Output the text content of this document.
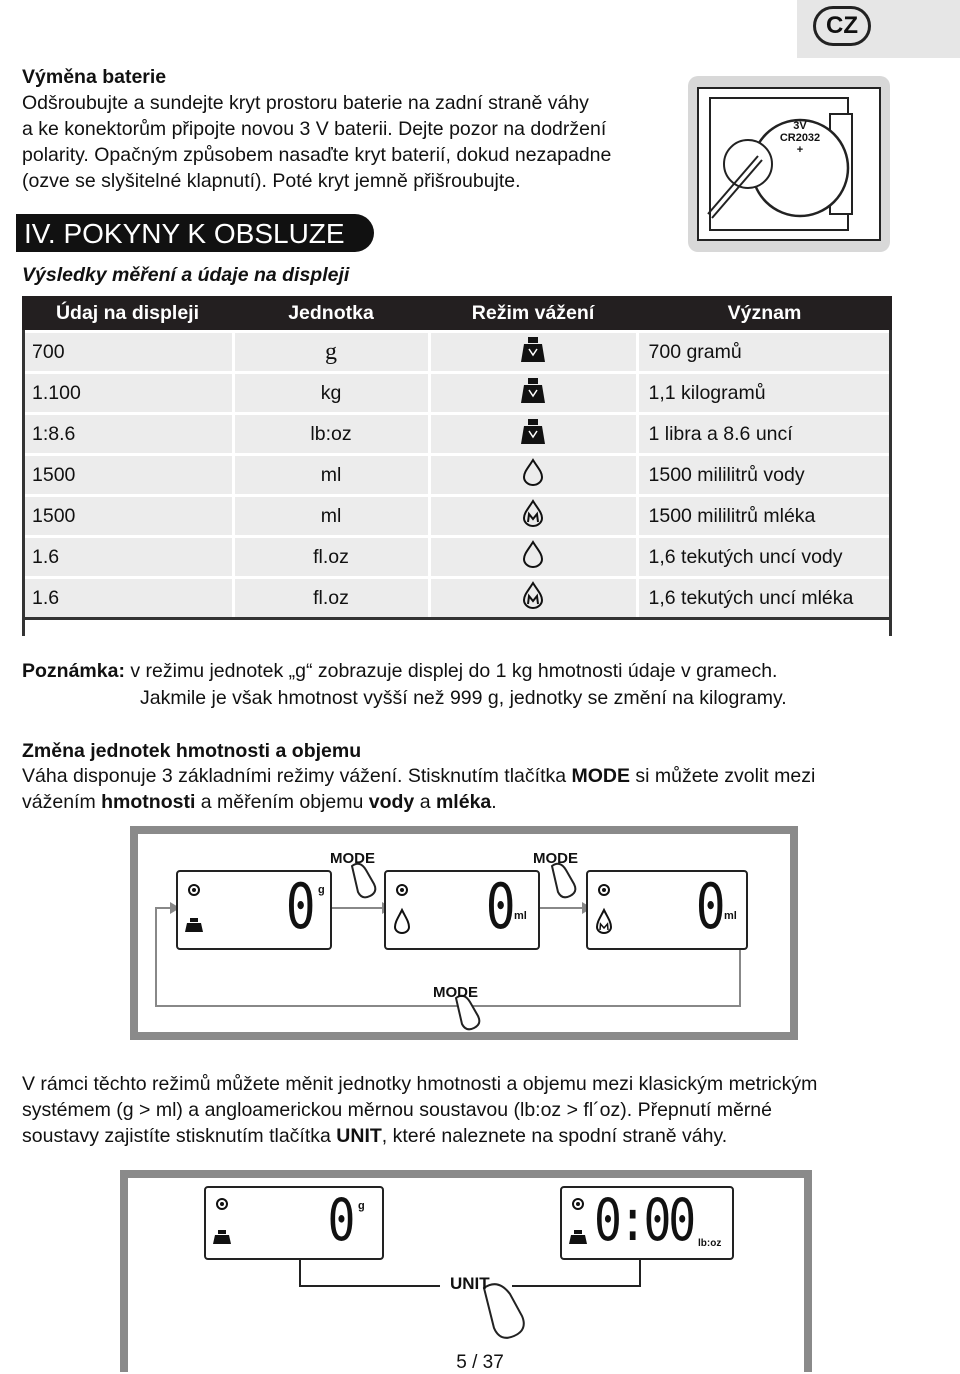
CZ
Výměna baterie
Odšroubujte a sundejte kryt prostoru baterie na zadní straně váhy
a ke konektorům připojte novou 3 V baterii. Dejte pozor na dodržení
polarity. Opačným způsobem nasaďte kryt baterií, dokud nezapadne
(ozve se slyšitelné klapnutí). Poté kryt jemně přišroubujte.
3V
CR2032
+
IV. POKYNY K OBSLUZE
Výsledky měření a údaje na displeji
Údaj na displeji	Jednotka	Režim vážení	Význam
700	g		700 gramů
1.100	kg		1,1 kilogramů
1:8.6	lb:oz		1 libra a 8.6 uncí
1500	ml		1500 mililitrů vody
1500	ml		1500 mililitrů mléka
1.6	fl.oz		1,6 tekutých uncí vody
1.6	fl.oz		1,6 tekutých uncí mléka
Poznámka: v režimu jednotek „g“ zobrazuje displej do 1 kg hmotnosti údaje v gramech.
Jakmile je však hmotnost vyšší než 999 g, jednotky se změní na kilogramy.
Změna jednotek hmotnosti a objemu
Váha disponuje 3 základními režimy vážení. Stisknutím tlačítka MODE si můžete zvolit mezi
vážením hmotnosti a měřením objemu vody a mléka.
MODE	MODE
MODE
0 g	0
ml	0
ml
V rámci těchto režimů můžete měnit jednotky hmotnosti a objemu mezi klasickým metrickým
systémem (g > ml) a angloamerickou měrnou soustavou (lb:oz > fl´oz). Přepnutí měrné
soustavy zajistíte stisknutím tlačítka UNIT, které naleznete na spodní straně váhy.
UNIT
0 g	0:00 lb:oz
5 / 37
